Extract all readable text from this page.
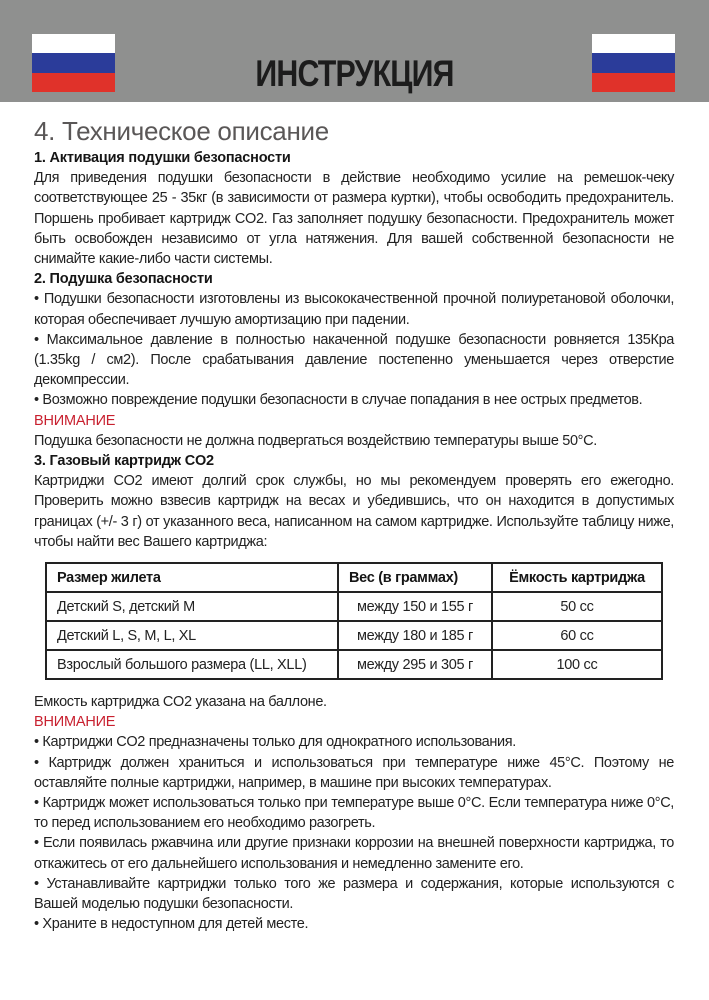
ИНСТРУКЦИЯ
4. Техническое описание
1. Активация подушки безопасности

Для приведения подушки безопасности в действие необходимо усилие на ремешок-чеку соответствующее 25 - 35кг (в зависимости от размера куртки), чтобы освободить предохранитель. Поршень пробивает картридж CO2. Газ заполняет подушку безопасности. Предохранитель может быть освобожден независимо от угла натяжения. Для вашей собственной безопасности не снимайте какие-либо части системы.

2. Подушка безопасности

• Подушки безопасности изготовлены из высококачественной прочной полиуретановой оболочки, которая обеспечивает лучшую амортизацию при падении.

• Максимальное давление в полностью накаченной подушке безопасности ровняется 135Кра (1.35kg / см2). После срабатывания давление постепенно уменьшается через отверстие декомпрессии.

• Возможно повреждение подушки безопасности в случае попадания в нее острых предметов.

ВНИМАНИЕ

Подушка безопасности не должна подвергаться воздействию температуры выше 50°C.

3. Газовый картридж CO2

Картриджи CO2 имеют долгий срок службы, но мы рекомендуем проверять его ежегодно. Проверить можно взвесив картридж на весах и убедившись, что он находится в допустимых границах (+/- 3 г) от указанного веса, написанном на самом картридже. Используйте таблицу ниже, чтобы найти вес Вашего картриджа:

Размер жилета	Вес (в граммах)	Ёмкость картриджа
Детский S, детский M	между 150 и 155 г	50 cc
Детский L, S, M, L, XL	между 180 и 185 г	60 cc
Взрослый большого размера (LL, XLL)	между 295 и 305 г	100 cc

Емкость картриджа CO2 указана на баллоне.

ВНИМАНИЕ

• Картриджи CO2 предназначены только для однократного использования.

• Картридж должен храниться и использоваться при температуре ниже 45°C. Поэтому не оставляйте полные картриджи, например, в машине при высоких температурах.

• Картридж может использоваться только при температуре выше 0°C. Если температура ниже 0°C, то перед использованием его необходимо разогреть.

• Если появилась ржавчина или другие признаки коррозии на внешней поверхности картриджа, то откажитесь от его дальнейшего использования и немедленно замените его.

• Устанавливайте картриджи только того же размера и содержания, которые используются с Вашей моделью подушки безопасности.

• Храните в недоступном для детей месте.
